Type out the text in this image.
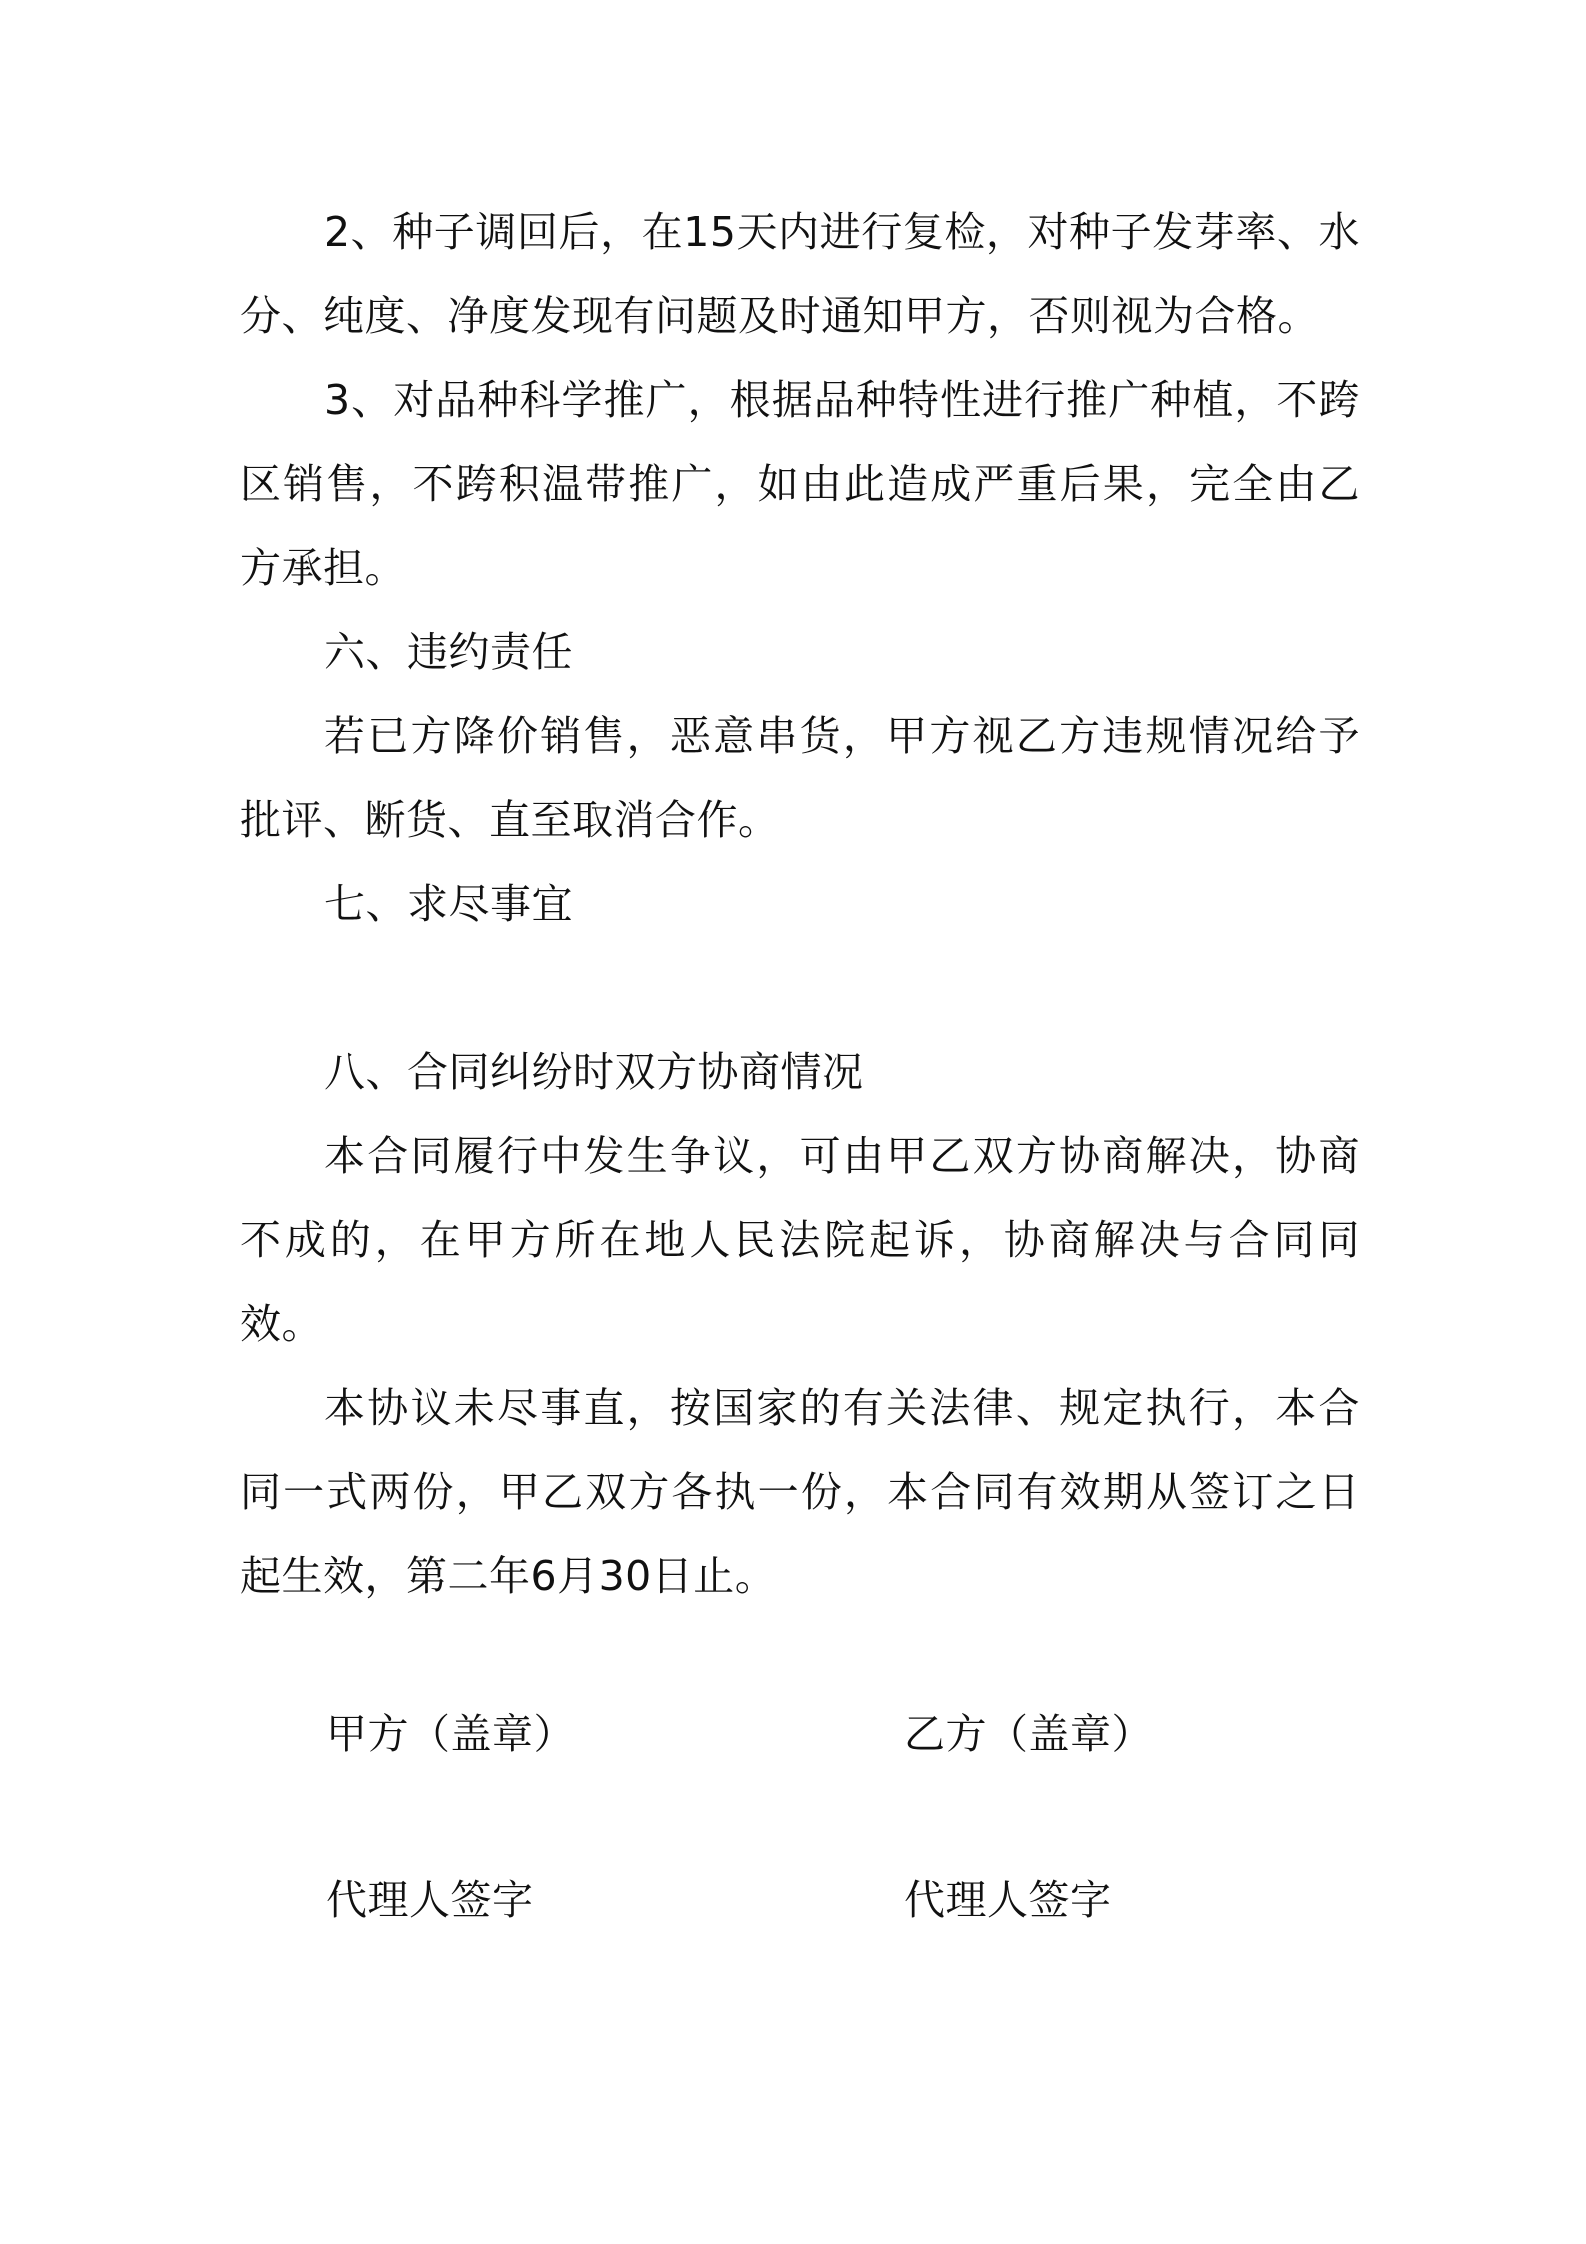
2、种子调回后，在15天内进行复检，对种子发芽率、水分、纯度、净度发现有问题及时通知甲方，否则视为合格。

3、对品种科学推广，根据品种特性进行推广种植，不跨区销售，不跨积温带推广，如由此造成严重后果，完全由乙方承担。

六、违约责任

若已方降价销售，恶意串货，甲方视乙方违规情况给予批评、断货、直至取消合作。

七、求尽事宜

八、合同纠纷时双方协商情况

本合同履行中发生争议，可由甲乙双方协商解决，协商不成的，在甲方所在地人民法院起诉，协商解决与合同同效。

本协议未尽事直，按国家的有关法律、规定执行，本合同一式两份，甲乙双方各执一份，本合同有效期从签订之日起生效，第二年6月30日止。

甲方（盖章）	乙方（盖章）
代理人签字	代理人签字
